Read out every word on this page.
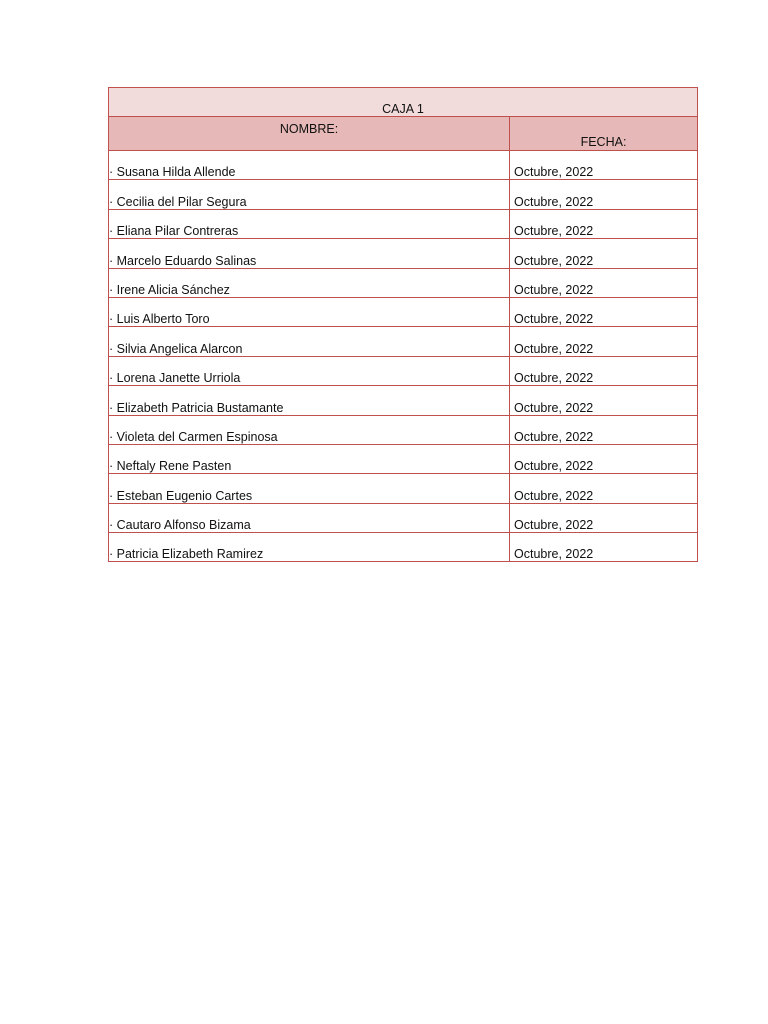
CAJA 1	
NOMBRE:	FECHA:
· Susana Hilda Allende	Octubre, 2022
· Cecilia del Pilar Segura	Octubre, 2022
· Eliana Pilar Contreras	Octubre, 2022
· Marcelo Eduardo Salinas	Octubre, 2022
· Irene Alicia Sánchez	Octubre, 2022
· Luis Alberto Toro	Octubre, 2022
· Silvia Angelica Alarcon	Octubre, 2022
· Lorena Janette Urriola	Octubre, 2022
· Elizabeth Patricia Bustamante	Octubre, 2022
· Violeta del Carmen Espinosa	Octubre, 2022
· Neftaly Rene Pasten	Octubre, 2022
· Esteban Eugenio Cartes	Octubre, 2022
· Cautaro Alfonso Bizama	Octubre, 2022
· Patricia Elizabeth Ramirez	Octubre, 2022
